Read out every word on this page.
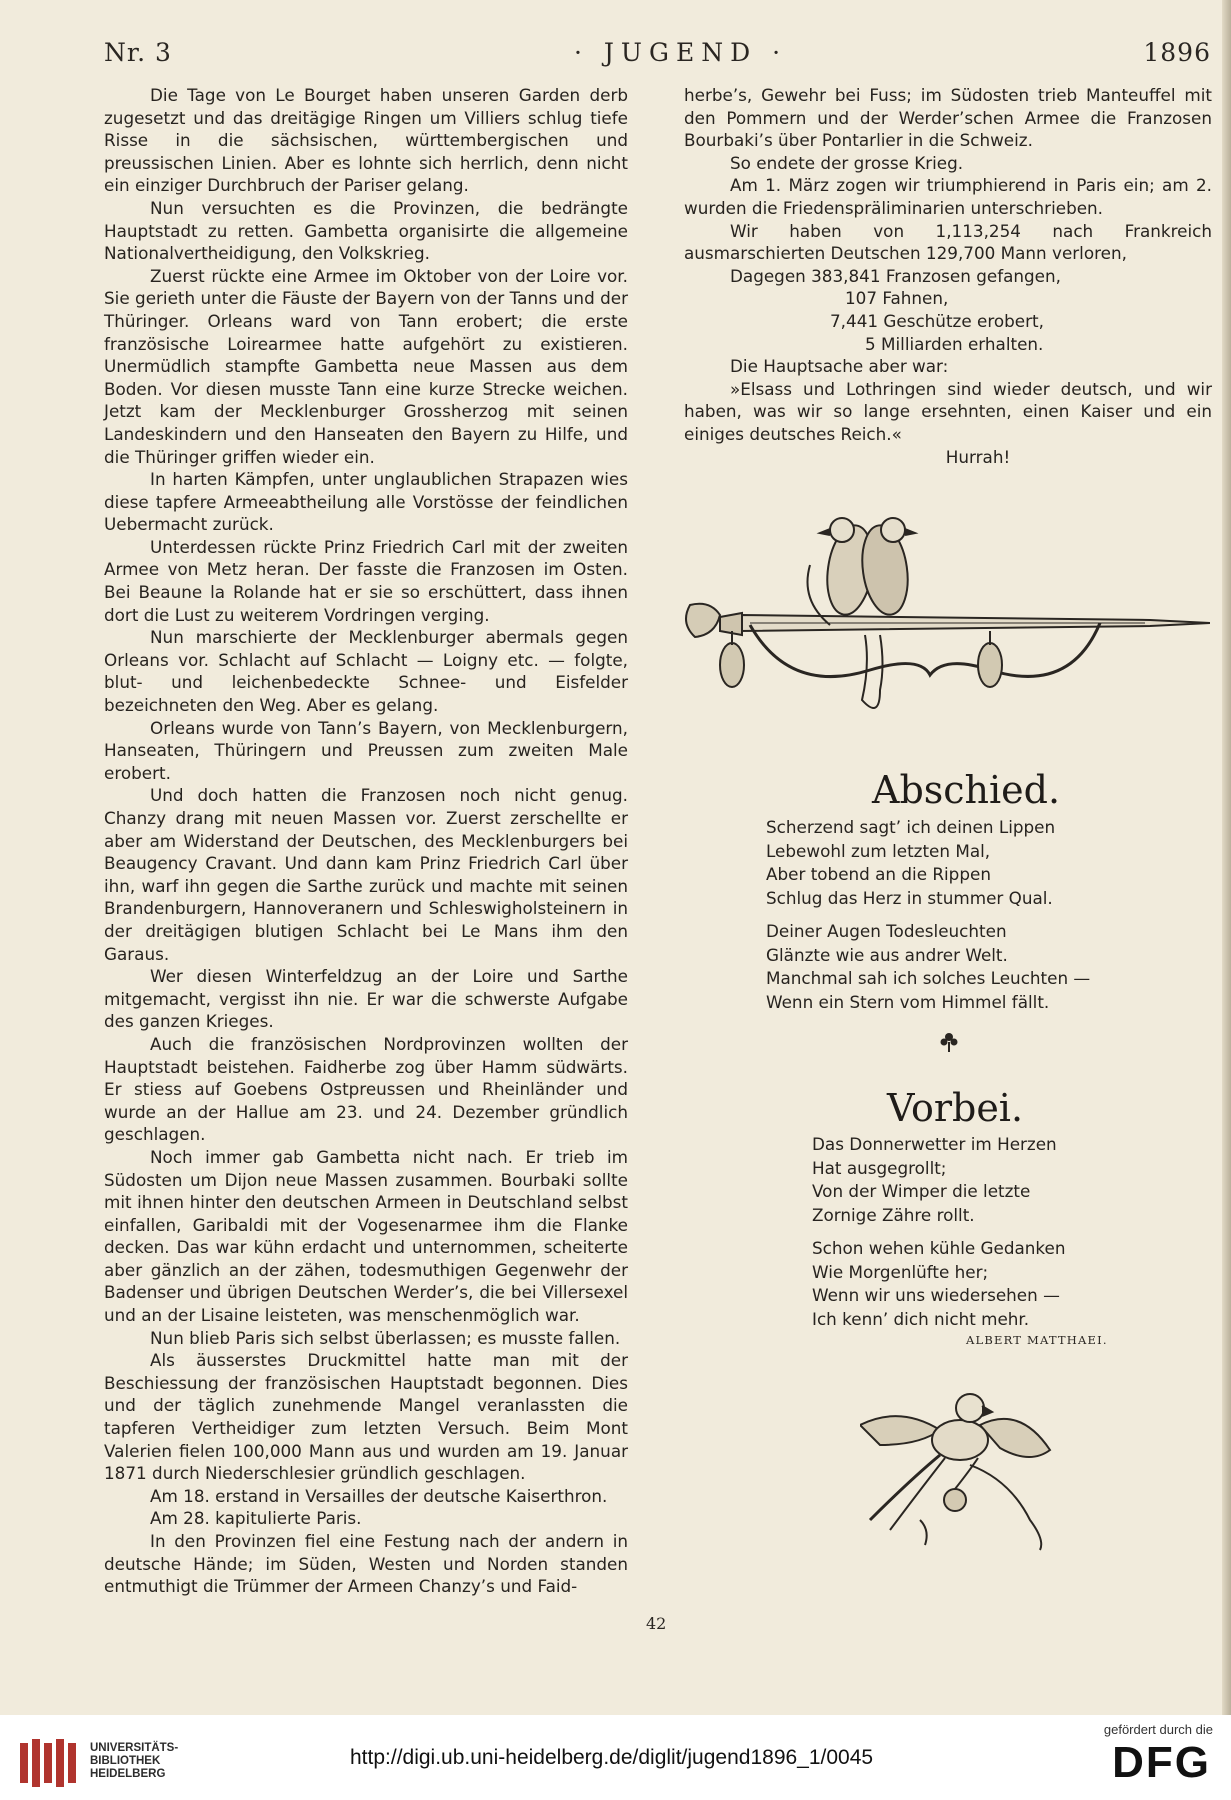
Nr. 3	· JUGEND ·	1896

Die Tage von Le Bourget haben unseren Garden derb zugesetzt und das dreitägige Ringen um Villiers schlug tiefe Risse in die sächsischen, württembergischen und preussischen Linien. Aber es lohnte sich herrlich, denn nicht ein einziger Durchbruch der Pariser gelang.

Nun versuchten es die Provinzen, die bedrängte Hauptstadt zu retten. Gambetta organisirte die allgemeine Nationalvertheidigung, den Volkskrieg.

Zuerst rückte eine Armee im Oktober von der Loire vor. Sie gerieth unter die Fäuste der Bayern von der Tanns und der Thüringer. Orleans ward von Tann erobert; die erste französische Loirearmee hatte aufgehört zu existieren. Unermüdlich stampfte Gambetta neue Massen aus dem Boden. Vor diesen musste Tann eine kurze Strecke weichen. Jetzt kam der Mecklenburger Grossherzog mit seinen Landeskindern und den Hanseaten den Bayern zu Hilfe, und die Thüringer griffen wieder ein.

In harten Kämpfen, unter unglaublichen Strapazen wies diese tapfere Armeeabtheilung alle Vorstösse der feindlichen Uebermacht zurück.

Unterdessen rückte Prinz Friedrich Carl mit der zweiten Armee von Metz heran. Der fasste die Franzosen im Osten. Bei Beaune la Rolande hat er sie so erschüttert, dass ihnen dort die Lust zu weiterem Vordringen verging.

Nun marschierte der Mecklenburger abermals gegen Orleans vor. Schlacht auf Schlacht — Loigny etc. — folgte, blut- und leichenbedeckte Schnee- und Eisfelder bezeichneten den Weg. Aber es gelang.

Orleans wurde von Tann’s Bayern, von Mecklenburgern, Hanseaten, Thüringern und Preussen zum zweiten Male erobert.

Und doch hatten die Franzosen noch nicht genug. Chanzy drang mit neuen Massen vor. Zuerst zerschellte er aber am Widerstand der Deutschen, des Mecklenburgers bei Beaugency Cravant. Und dann kam Prinz Friedrich Carl über ihn, warf ihn gegen die Sarthe zurück und machte mit seinen Brandenburgern, Hannoveranern und Schleswigholsteinern in der dreitägigen blutigen Schlacht bei Le Mans ihm den Garaus.

Wer diesen Winterfeldzug an der Loire und Sarthe mitgemacht, vergisst ihn nie. Er war die schwerste Aufgabe des ganzen Krieges.

Auch die französischen Nordprovinzen wollten der Hauptstadt beistehen. Faidherbe zog über Hamm südwärts. Er stiess auf Goebens Ostpreussen und Rheinländer und wurde an der Hallue am 23. und 24. Dezember gründlich geschlagen.

Noch immer gab Gambetta nicht nach. Er trieb im Südosten um Dijon neue Massen zusammen. Bourbaki sollte mit ihnen hinter den deutschen Armeen in Deutschland selbst einfallen, Garibaldi mit der Vogesenarmee ihm die Flanke decken. Das war kühn erdacht und unternommen, scheiterte aber gänzlich an der zähen, todesmuthigen Gegenwehr der Badenser und übrigen Deutschen Werder’s, die bei Villersexel und an der Lisaine leisteten, was menschenmöglich war.

Nun blieb Paris sich selbst überlassen; es musste fallen.

Als äusserstes Druckmittel hatte man mit der Beschiessung der französischen Hauptstadt begonnen. Dies und der täglich zunehmende Mangel veranlassten die tapferen Vertheidiger zum letzten Versuch. Beim Mont Valerien fielen 100,000 Mann aus und wurden am 19. Januar 1871 durch Niederschlesier gründlich geschlagen.

Am 18. erstand in Versailles der deutsche Kaiserthron.

Am 28. kapitulierte Paris.

In den Provinzen fiel eine Festung nach der andern in deutsche Hände; im Süden, Westen und Norden standen entmuthigt die Trümmer der Armeen Chanzy’s und Faid-

herbe’s, Gewehr bei Fuss; im Südosten trieb Manteuffel mit den Pommern und der Werder’schen Armee die Franzosen Bourbaki’s über Pontarlier in die Schweiz.

So endete der grosse Krieg.

Am 1. März zogen wir triumphierend in Paris ein; am 2. wurden die Friedenspräliminarien unterschrieben.

Wir haben von 1,113,254 nach Frankreich ausmarschierten Deutschen 129,700 Mann verloren,

Dagegen 383,841 Franzosen gefangen,

107 Fahnen,

7,441 Geschütze erobert,

5 Milliarden erhalten.

Die Hauptsache aber war:

»Elsass und Lothringen sind wieder deutsch, und wir haben, was wir so lange ersehnten, einen Kaiser und ein einiges deutsches Reich.«

Hurrah!

Abschied.
Scherzend sagt’ ich deinen Lippen
Lebewohl zum letzten Mal,
Aber tobend an die Rippen
Schlug das Herz in stummer Qual.
Deiner Augen Todesleuchten
Glänzte wie aus andrer Welt.
Manchmal sah ich solches Leuchten —
Wenn ein Stern vom Himmel fällt.
Vorbei.
Das Donnerwetter im Herzen
Hat ausgegrollt;
Von der Wimper die letzte
Zornige Zähre rollt.
Schon wehen kühle Gedanken
Wie Morgenlüfte her;
Wenn wir uns wiedersehen —
Ich kenn’ dich nicht mehr.
ALBERT MATTHAEI.
42
UNIVERSITÄTS-
BIBLIOTHEK
HEIDELBERG
http://digi.ub.uni-heidelberg.de/diglit/jugend1896_1/0045
gefördert durch die
DFG
